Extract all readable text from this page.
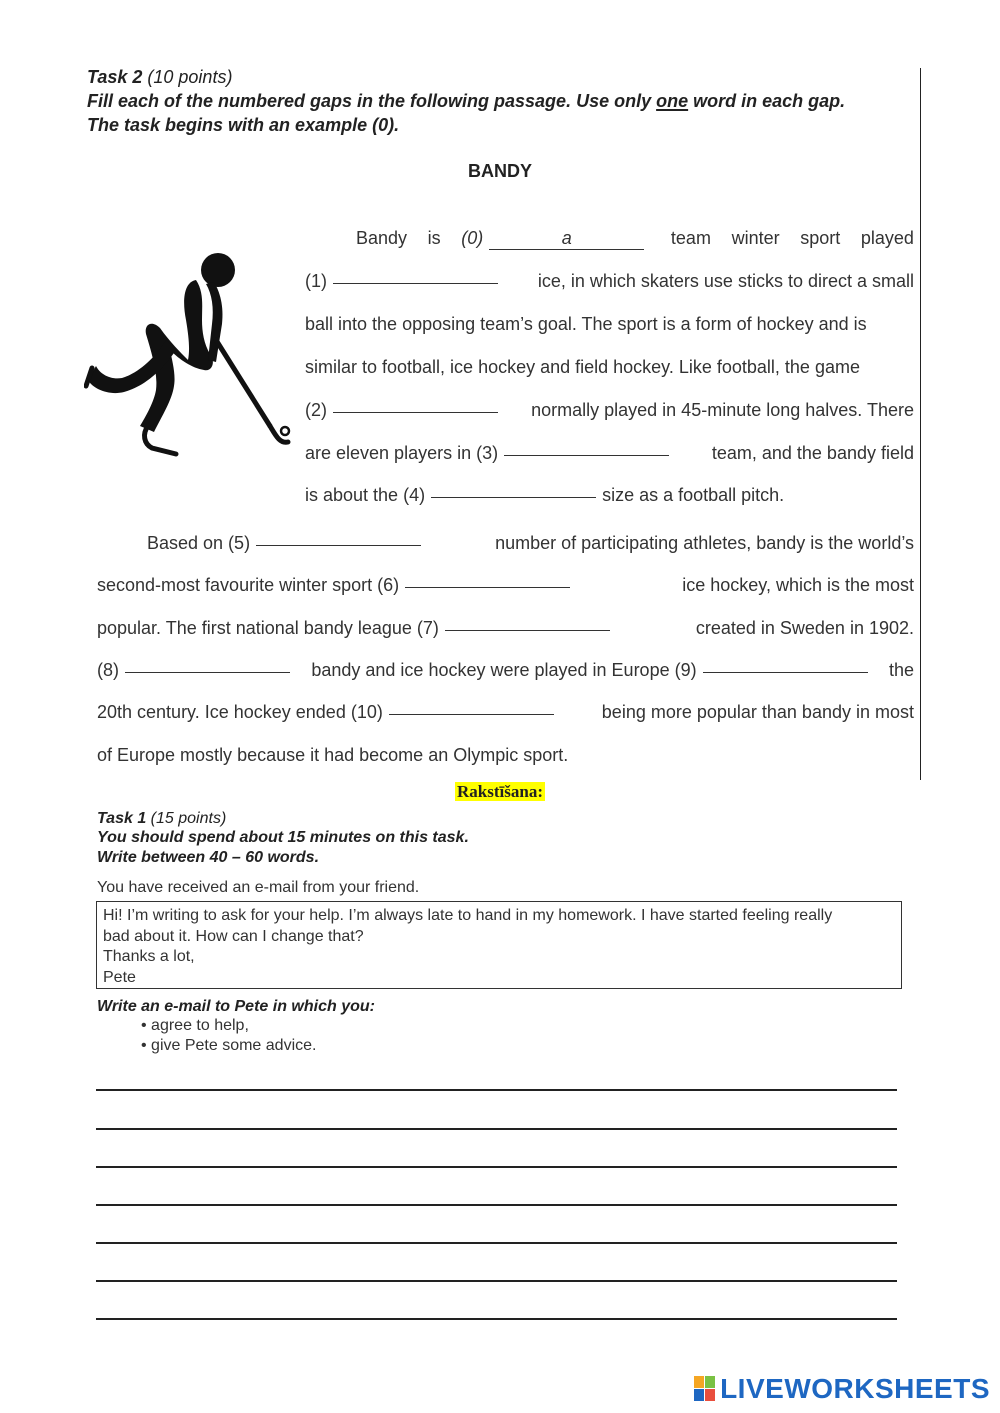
Task 2 (10 points)
Fill each of the numbered gaps in the following passage. Use only one word in each gap.
The task begins with an example (0).
BANDY
Bandy is (0)	a	team winter sport played
(1)	ice, in which skaters use sticks to direct a small
ball into the opposing team’s goal. The sport is a form of hockey and is
similar to football, ice hockey and field hockey. Like football, the game
(2)	normally played in 45-minute long halves. There
are eleven players in (3)	team, and the bandy field
is about the (4)	size as a football pitch.
Based on (5)	number of participating athletes, bandy is the world’s
second-most favourite winter sport (6)	ice hockey, which is the most
popular. The first national bandy league (7)	created in Sweden in 1902.
(8)	bandy and ice hockey were played in Europe (9)	the
20th century. Ice hockey ended (10)	being more popular than bandy in most
of Europe mostly because it had become an Olympic sport.
Rakstīšana:
Task 1 (15 points)
You should spend about 15 minutes on this task.
Write between 40 – 60 words.
You have received an e-mail from your friend.
Hi! I’m writing to ask for your help. I’m always late to hand in my homework. I have started feeling really
bad about it. How can I change that?
Thanks a lot,
Pete
Write an e-mail to Pete in which you:
• agree to help,
• give Pete some advice.
LIVEWORKSHEETS
